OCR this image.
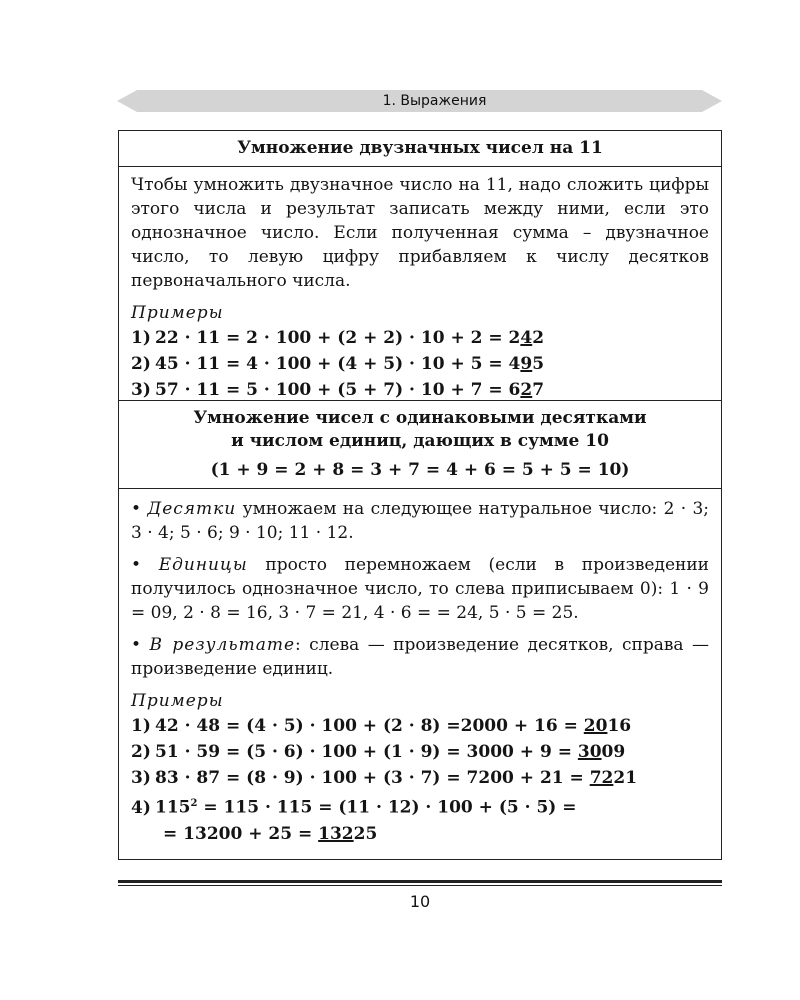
1. Выражения
Умножение двузначных чисел на 11

Чтобы умножить двузначное число на 11, надо сложить цифры этого числа и результат записать между ними, если это однозначное число. Если полученная сумма – двузначное число, то левую цифру прибавляем к числу десятков первоначального числа.

Примеры
1) 22 · 11 = 2 · 100 + (2 + 2) · 10 + 2 = 242
2) 45 · 11 = 4 · 100 + (4 + 5) · 10 + 5 = 495
3) 57 · 11 = 5 · 100 + (5 + 7) · 10 + 7 = 627
Умножение чисел с одинаковыми десятками
и числом единиц, дающих в сумме 10
(1 + 9 = 2 + 8 = 3 + 7 = 4 + 6 = 5 + 5 = 10)

• Десятки умножаем на следующее натуральное число: 2 · 3; 3 · 4; 5 · 6; 9 · 10; 11 · 12.

• Единицы просто перемножаем (если в произведении получилось однозначное число, то слева приписываем 0): 1 · 9 = 09, 2 · 8 = 16, 3 · 7 = 21, 4 · 6 = = 24, 5 · 5 = 25.

• В результате: слева — произведение десятков, справа — произведение единиц.

Примеры
1) 42 · 48 = (4 · 5) · 100 + (2 · 8) =2000 + 16 = 2016
2) 51 · 59 = (5 · 6) · 100 + (1 · 9) = 3000 + 9 = 3009
3) 83 · 87 = (8 · 9) · 100 + (3 · 7) = 7200 + 21 = 7221
4) $115^2 = 115 \cdot 115 = (11 \cdot 12) \cdot 100 + (5 \cdot 5)$ =
= 13200 + 25 = 13225
10
